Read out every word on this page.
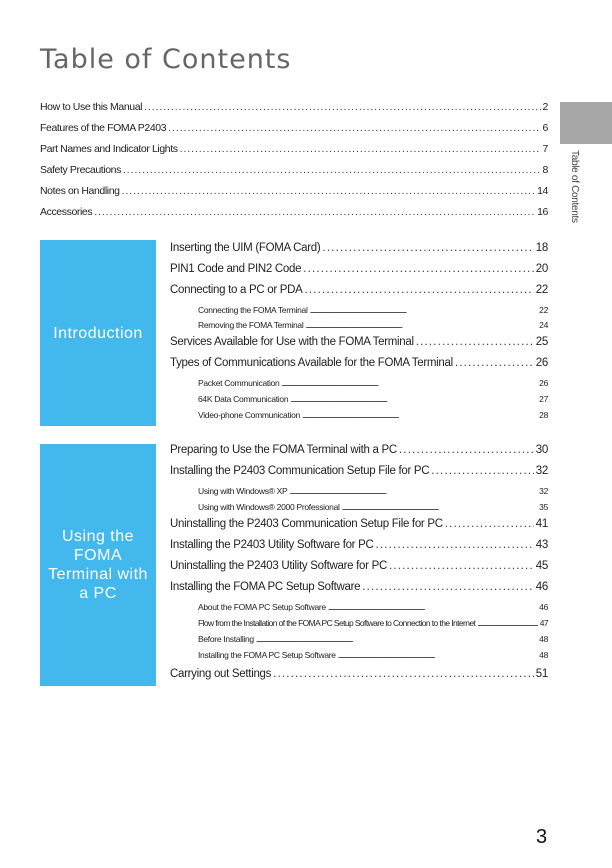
Table of Contents
Table of Contents
How to Use this Manual . . .	2
Features of the FOMA P2403 . . .	6
Part Names and Indicator Lights . . .	7
Safety Precautions . . .	8
Notes on Handling . . .	14
Accessories . . .	16
Introduction
Inserting the UIM (FOMA Card) . . .	18
PIN1 Code and PIN2 Code . . .	20
Connecting to a PC or PDA . . .	22
Connecting the FOMA Terminal . . .	22
Removing the FOMA Terminal . . .	24
Services Available for Use with the FOMA Terminal . . .	25
Types of Communications Available for the FOMA Terminal . . .	26
Packet Communication . . .	26
64K Data Communication . . .	27
Video-phone Communication . . .	28
Using the FOMA Terminal with a PC
Preparing to Use the FOMA Terminal with a PC . . .	30
Installing the P2403 Communication Setup File for PC . . .	32
Using with Windows® XP . . .	32
Using with Windows® 2000 Professional . . .	35
Uninstalling the P2403 Communication Setup File for PC . . .	41
Installing the P2403 Utility Software for PC . . .	43
Uninstalling the P2403 Utility Software for PC . . .	45
Installing the FOMA PC Setup Software . . .	46
About the FOMA PC Setup Software . . .	46
Flow from the Installation of the FOMA PC Setup Software to Connection to the Internet . . .	47
Before Installing . . .	48
Installing the FOMA PC Setup Software . . .	48
Carrying out Settings . . .	51
3
